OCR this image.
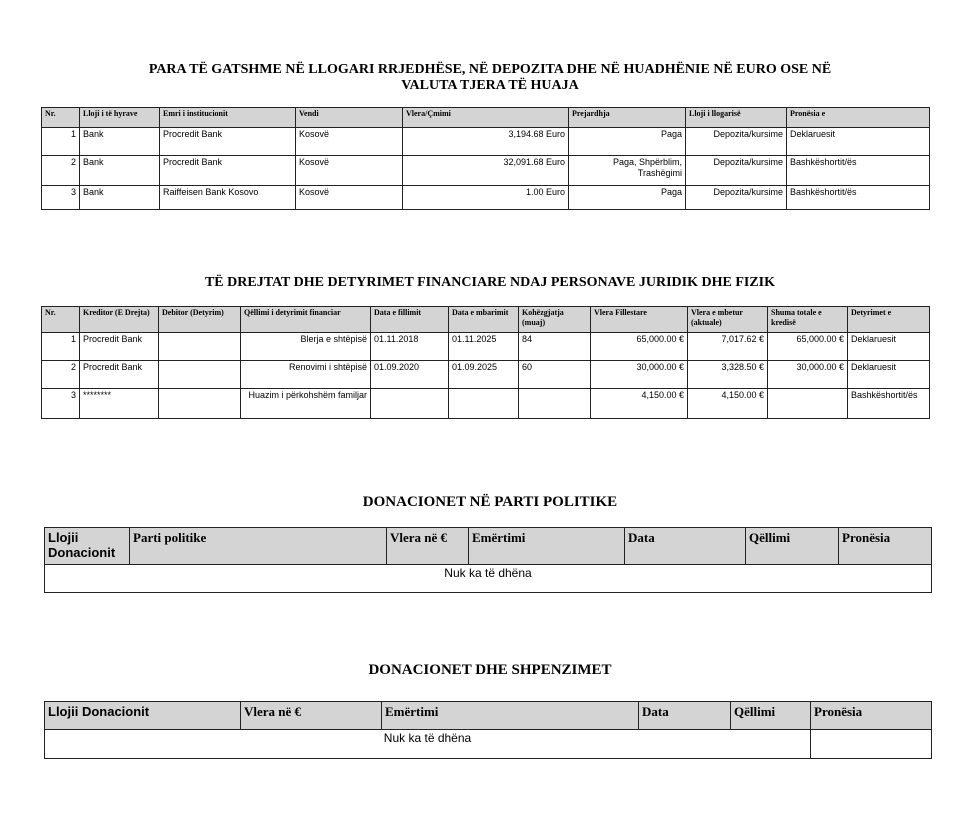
PARA TË GATSHME NË LLOGARI RRJEDHËSE, NË DEPOZITA DHE NË HUADHËNIE NË EURO OSE NË
VALUTA TJERA TË HUAJA
Nr.	Lloji i të hyrave	Emri i institucionit	Vendi	Vlera/Çmimi	Prejardhja	Lloji i llogarisë	Pronësia e
1	Bank	Procredit Bank	Kosovë	3,194.68 Euro	Paga	Depozita/kursime	Deklaruesit
2	Bank	Procredit Bank	Kosovë	32,091.68 Euro	Paga, Shpërblim, Trashëgimi	Depozita/kursime	Bashkëshortit/ës
3	Bank	Raiffeisen Bank Kosovo	Kosovë	1.00 Euro	Paga	Depozita/kursime	Bashkëshortit/ës
TË DREJTAT DHE DETYRIMET FINANCIARE NDAJ PERSONAVE JURIDIK DHE FIZIK
Nr.	Kreditor (E Drejta)	Debitor (Detyrim)	Qëllimi i detyrimit financiar	Data e fillimit	Data e mbarimit	Kohëzgjatja (muaj)	Vlera Fillestare	Vlera e mbetur (aktuale)	Shuma totale e kredisë	Detyrimet e
1	Procredit Bank		Blerja e shtëpisë	01.11.2018	01.11.2025	84	65,000.00 €	7,017.62 €	65,000.00 €	Deklaruesit
2	Procredit Bank		Renovimi i shtëpisë	01.09.2020	01.09.2025	60	30,000.00 €	3,328.50 €	30,000.00 €	Deklaruesit
3	********		Huazim i përkohshëm familjar				4,150.00 €	4,150.00 €		Bashkëshortit/ës
DONACIONET NË PARTI POLITIKE
Llojii Donacionit	Parti politike	Vlera në €	Emërtimi	Data	Qëllimi	Pronësia
Nuk ka të dhëna
DONACIONET DHE SHPENZIMET
Llojii Donacionit	Vlera në €	Emërtimi	Data	Qëllimi	Pronësia
Nuk ka të dhëna					
